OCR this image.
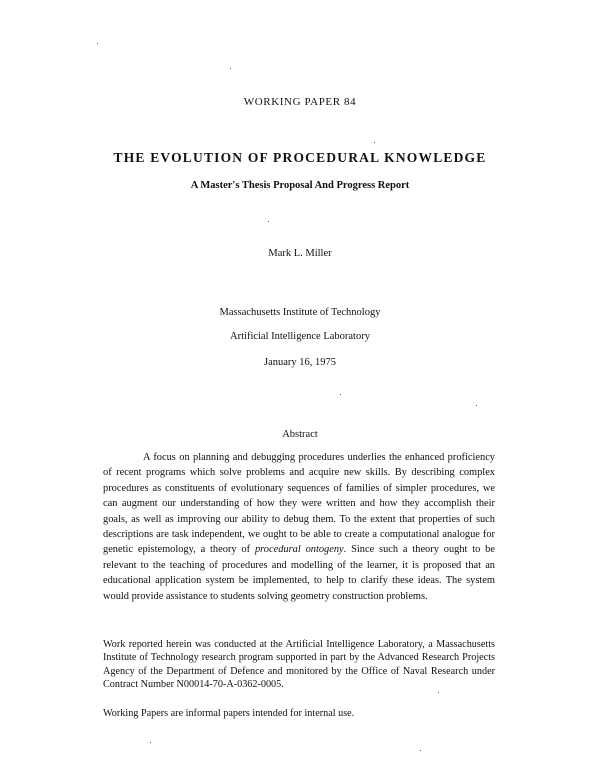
WORKING PAPER 84
THE EVOLUTION OF PROCEDURAL KNOWLEDGE
A Master's Thesis Proposal And Progress Report
Mark L. Miller
Massachusetts Institute of Technology
Artificial Intelligence Laboratory
January 16, 1975
Abstract
A focus on planning and debugging procedures underlies the enhanced proficiency of recent programs which solve problems and acquire new skills. By describing complex procedures as constituents of evolutionary sequences of families of simpler procedures, we can augment our understanding of how they were written and how they accomplish their goals, as well as improving our ability to debug them. To the extent that properties of such descriptions are task independent, we ought to be able to create a computational analogue for genetic epistemology, a theory of procedural ontogeny. Since such a theory ought to be relevant to the teaching of procedures and modelling of the learner, it is proposed that an educational application system be implemented, to help to clarify these ideas. The system would provide assistance to students solving geometry construction problems.
Work reported herein was conducted at the Artificial Intelligence Laboratory, a Massachusetts Institute of Technology research program supported in part by the Advanced Research Projects Agency of the Department of Defence and monitored by the Office of Naval Research under Contract Number N00014-70-A-0362-0005.
Working Papers are informal papers intended for internal use.
